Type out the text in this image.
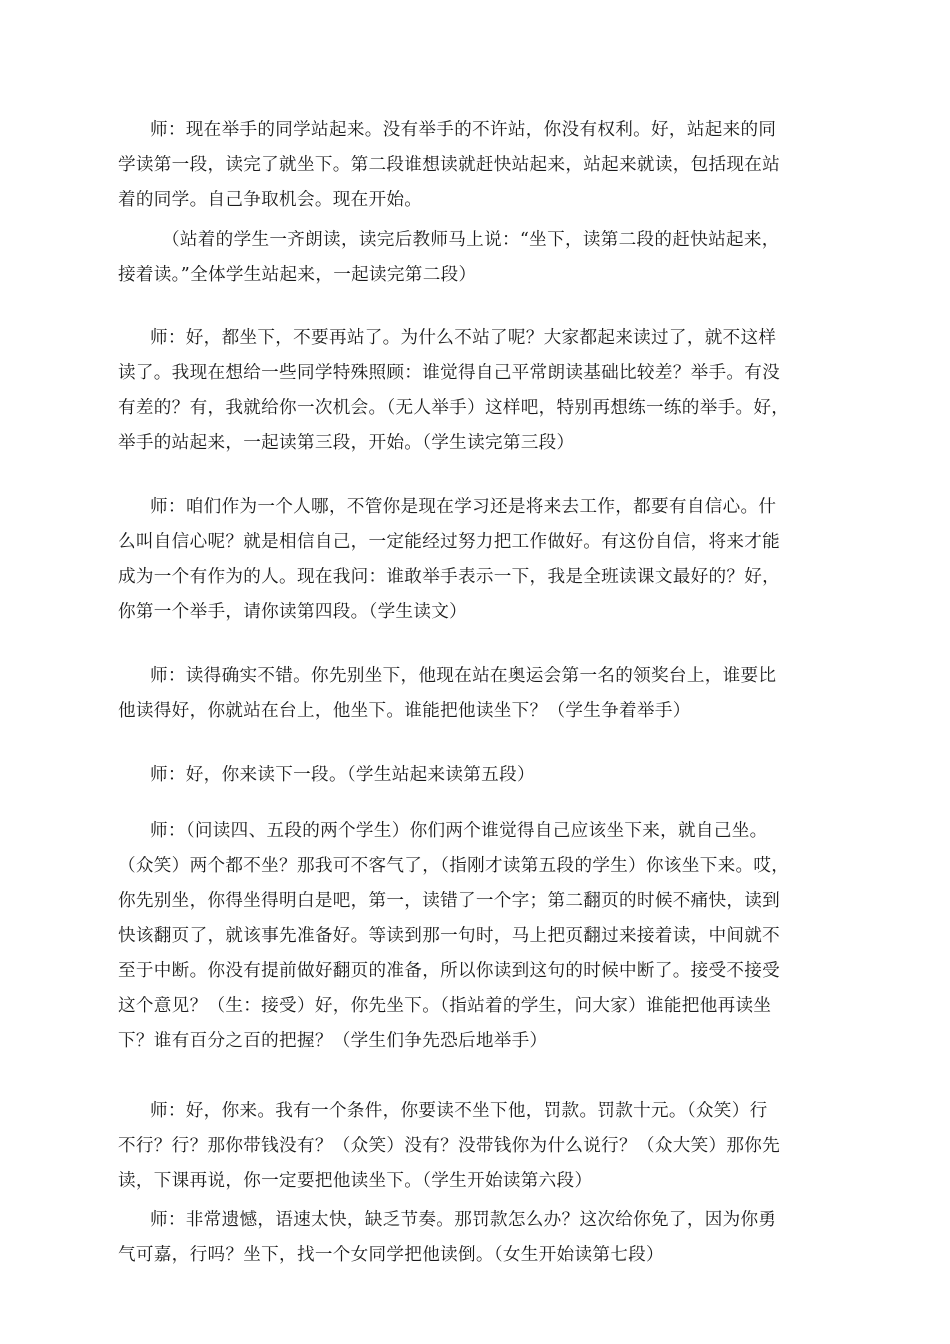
师：现在举手的同学站起来。没有举手的不许站，你没有权利。好，站起来的同
学读第一段，读完了就坐下。第二段谁想读就赶快站起来，站起来就读，包括现在站
着的同学。自己争取机会。现在开始。
（站着的学生一齐朗读，读完后教师马上说：“坐下，读第二段的赶快站起来，
接着读。”全体学生站起来，一起读完第二段）
师：好，都坐下，不要再站了。为什么不站了呢？大家都起来读过了，就不这样
读了。我现在想给一些同学特殊照顾：谁觉得自己平常朗读基础比较差？举手。有没
有差的？有，我就给你一次机会。（无人举手）这样吧，特别再想练一练的举手。好，
举手的站起来，一起读第三段，开始。（学生读完第三段）
师：咱们作为一个人哪，不管你是现在学习还是将来去工作，都要有自信心。什
么叫自信心呢？就是相信自己，一定能经过努力把工作做好。有这份自信，将来才能
成为一个有作为的人。现在我问：谁敢举手表示一下，我是全班读课文最好的？好，
你第一个举手，请你读第四段。（学生读文）
师：读得确实不错。你先别坐下，他现在站在奥运会第一名的领奖台上，谁要比
他读得好，你就站在台上，他坐下。谁能把他读坐下？（学生争着举手）
师：好，你来读下一段。（学生站起来读第五段）
师：（问读四、五段的两个学生）你们两个谁觉得自己应该坐下来，就自己坐。
（众笑）两个都不坐？那我可不客气了，（指刚才读第五段的学生）你该坐下来。哎，
你先别坐，你得坐得明白是吧，第一，读错了一个字；第二翻页的时候不痛快，读到
快该翻页了，就该事先准备好。等读到那一句时，马上把页翻过来接着读，中间就不
至于中断。你没有提前做好翻页的准备，所以你读到这句的时候中断了。接受不接受
这个意见？（生：接受）好，你先坐下。（指站着的学生，问大家）谁能把他再读坐
下？谁有百分之百的把握？（学生们争先恐后地举手）
师：好，你来。我有一个条件，你要读不坐下他，罚款。罚款十元。（众笑）行
不行？行？那你带钱没有？（众笑）没有？没带钱你为什么说行？（众大笑）那你先
读，下课再说，你一定要把他读坐下。（学生开始读第六段）
师：非常遗憾，语速太快，缺乏节奏。那罚款怎么办？这次给你免了，因为你勇
气可嘉，行吗？坐下，找一个女同学把他读倒。（女生开始读第七段）
